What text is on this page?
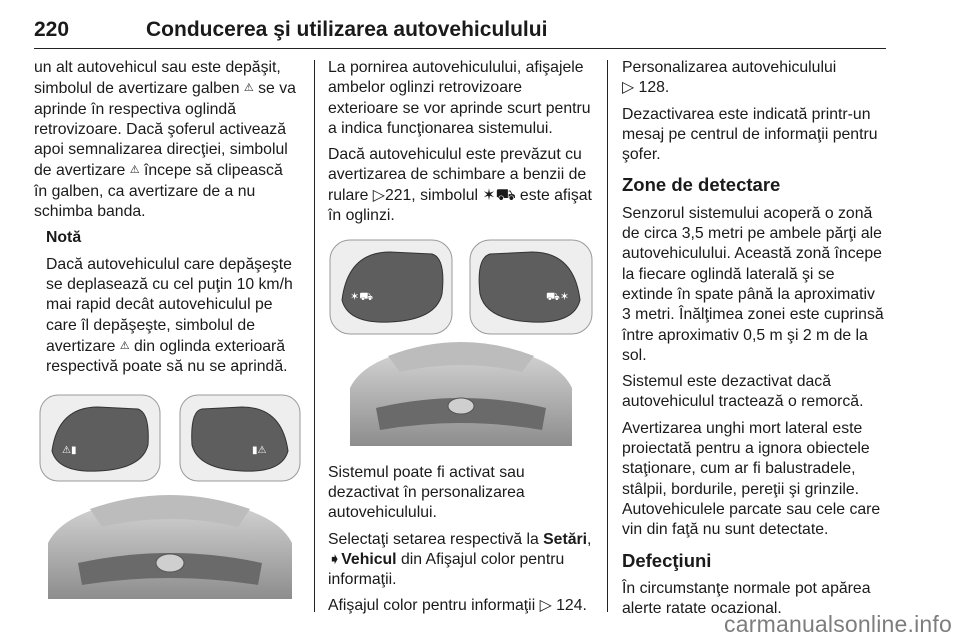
220	Conducerea şi utilizarea autovehiculului

un alt autovehicul sau este depăşit,
simbolul de avertizare galben ⚠ se va
aprinde în respectiva oglindă
retrovizoare. Dacă şoferul activează
apoi semnalizarea direcţiei, simbolul
de avertizare ⚠ începe să clipească
în galben, ca avertizare de a nu
schimba banda.

Notă

Dacă autovehiculul care depăşeşte
se deplasează cu cel puţin 10 km/h
mai rapid decât autovehiculul pe
care îl depăşeşte, simbolul de
avertizare ⚠ din oglinda exterioară
respectivă poate să nu se aprindă.

⚠▮	▮⚠

La pornirea autovehiculului, afişajele
ambelor oglinzi retrovizoare
exterioare se vor aprinde scurt pentru
a indica funcţionarea sistemului.

Dacă autovehiculul este prevăzut cu
avertizarea de schimbare a benzii de
rulare ▷221, simbolul ✶⛟ este afişat
în oglinzi.

✶⛟	⛟✶

Sistemul poate fi activat sau
dezactivat în personalizarea
autovehiculului.

Selectaţi setarea respectivă la Setări,
➧Vehicul din Afişajul color pentru
informaţii.

Afişajul color pentru informaţii ▷ 124.

Personalizarea autovehiculului
▷ 128.

Dezactivarea este indicată printr-un
mesaj pe centrul de informaţii pentru
şofer.

Zone de detectare

Senzorul sistemului acoperă o zonă
de circa 3,5 metri pe ambele părţi ale
autovehiculului. Această zonă începe
la fiecare oglindă laterală şi se
extinde în spate până la aproximativ
3 metri. Înălţimea zonei este cuprinsă
între aproximativ 0,5 m şi 2 m de la
sol.

Sistemul este dezactivat dacă
autovehiculul tractează o remorcă.

Avertizarea unghi mort lateral este
proiectată pentru a ignora obiectele
staţionare, cum ar fi balustradele,
stâlpii, bordurile, pereţii şi grinzile.
Autovehiculele parcate sau cele care
vin din faţă nu sunt detectate.

Defecţiuni

În circumstanţe normale pot apărea
alerte ratate ocazional.

carmanualsonline.info
